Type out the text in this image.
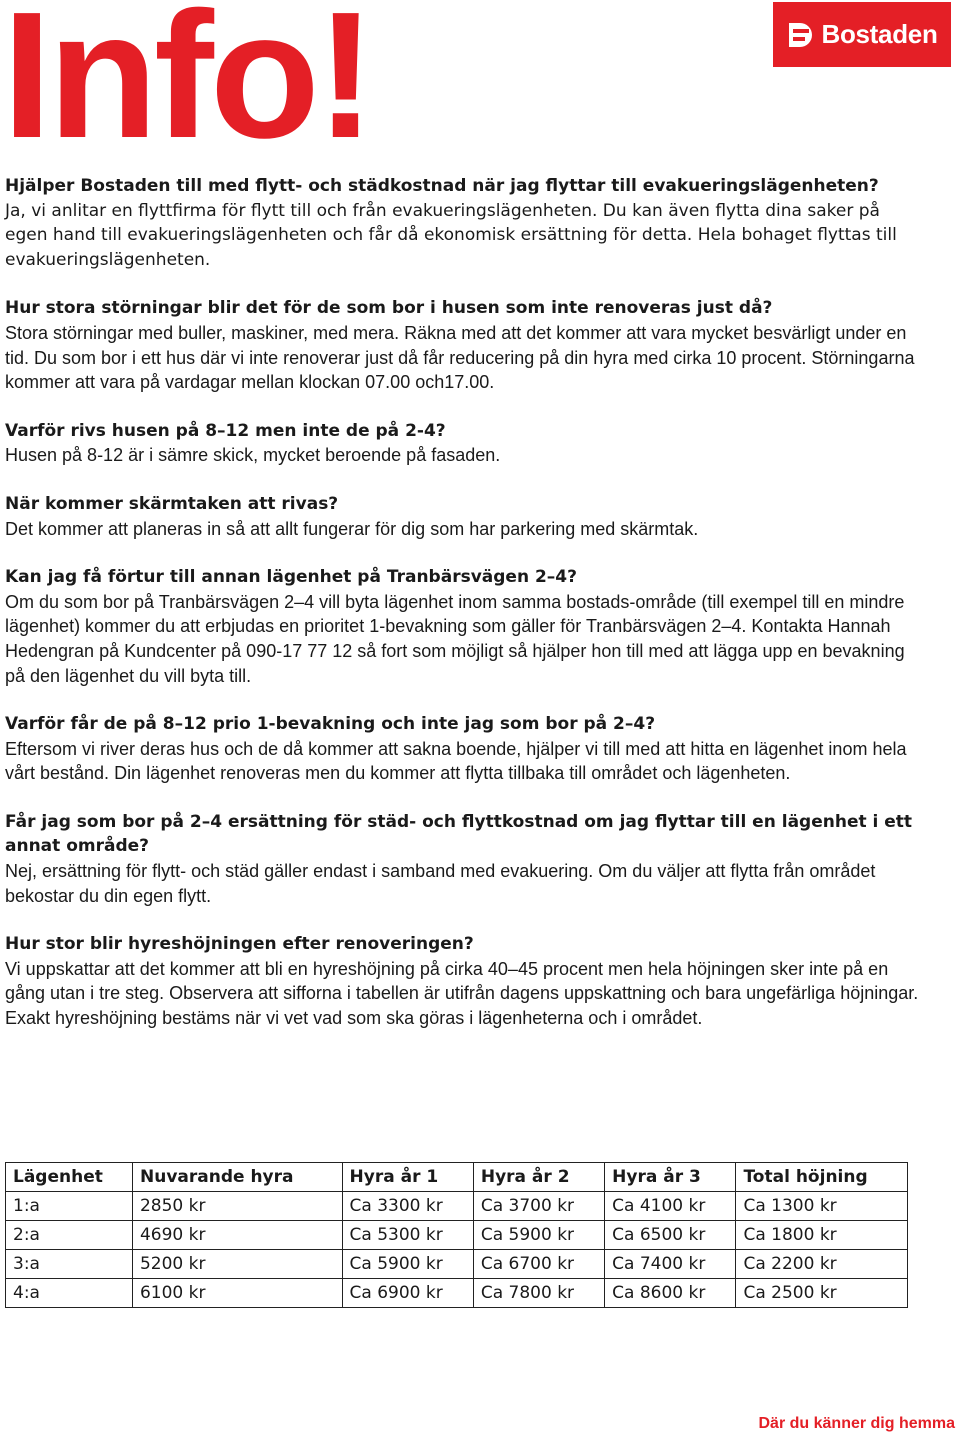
Info!	Bostaden

Hjälper Bostaden till med flytt- och städkostnad när jag flyttar till evakueringslägenheten?

Ja, vi anlitar en flyttfirma för flytt till och från evakueringslägenheten. Du kan även flytta dina saker på egen hand till evakueringslägenheten och får då ekonomisk ersättning för detta. Hela bohaget flyttas till evakueringslägenheten.

Hur stora störningar blir det för de som bor i husen som inte renoveras just då?

Stora störningar med buller, maskiner, med mera. Räkna med att det kommer att vara mycket besvärligt under en tid. Du som bor i ett hus där vi inte renoverar just då får reducering på din hyra med cirka 10 procent. Störningarna kommer att vara på vardagar mellan klockan 07.00 och17.00.

Varför rivs husen på 8–12 men inte de på 2-4?

Husen på 8-12 är i sämre skick, mycket beroende på fasaden.

När kommer skärmtaken att rivas?

Det kommer att planeras in så att allt fungerar för dig som har parkering med skärmtak.

Kan jag få förtur till annan lägenhet på Tranbärsvägen 2–4?

Om du som bor på Tranbärsvägen 2–4 vill byta lägenhet inom samma bostads-område (till exempel till en mindre lägenhet) kommer du att erbjudas en prioritet 1-bevakning som gäller för Tranbärsvägen 2–4. Kontakta Hannah Hedengran på Kundcenter på 090-17 77 12 så fort som möjligt så hjälper hon till med att lägga upp en bevakning på den lägenhet du vill byta till.

Varför får de på 8–12 prio 1-bevakning och inte jag som bor på 2–4?

Eftersom vi river deras hus och de då kommer att sakna boende, hjälper vi till med att hitta en lägenhet inom hela vårt bestånd. Din lägenhet renoveras men du kommer att flytta tillbaka till området och lägenheten.

Får jag som bor på 2–4 ersättning för städ- och flyttkostnad om jag flyttar till en lägenhet i ett annat område?

Nej, ersättning för flytt- och städ gäller endast i samband med evakuering. Om du väljer att flytta från området bekostar du din egen flytt.

Hur stor blir hyreshöjningen efter renoveringen?

Vi uppskattar att det kommer att bli en hyreshöjning på cirka 40–45 procent men hela höjningen sker inte på en gång utan i tre steg. Observera att sifforna i tabellen är utifrån dagens uppskattning och bara ungefärliga höjningar. Exakt hyreshöjning bestäms när vi vet vad som ska göras i lägenheterna och i området.

Lägenhet	Nuvarande hyra	Hyra år 1	Hyra år 2	Hyra år 3	Total höjning
1:a	2850 kr	Ca 3300 kr	Ca 3700 kr	Ca 4100 kr	Ca 1300 kr
2:a	4690 kr	Ca 5300 kr	Ca 5900 kr	Ca 6500 kr	Ca 1800 kr
3:a	5200 kr	Ca 5900 kr	Ca 6700 kr	Ca 7400 kr	Ca 2200 kr
4:a	6100 kr	Ca 6900 kr	Ca 7800 kr	Ca 8600 kr	Ca 2500 kr
Där du känner dig hemma
